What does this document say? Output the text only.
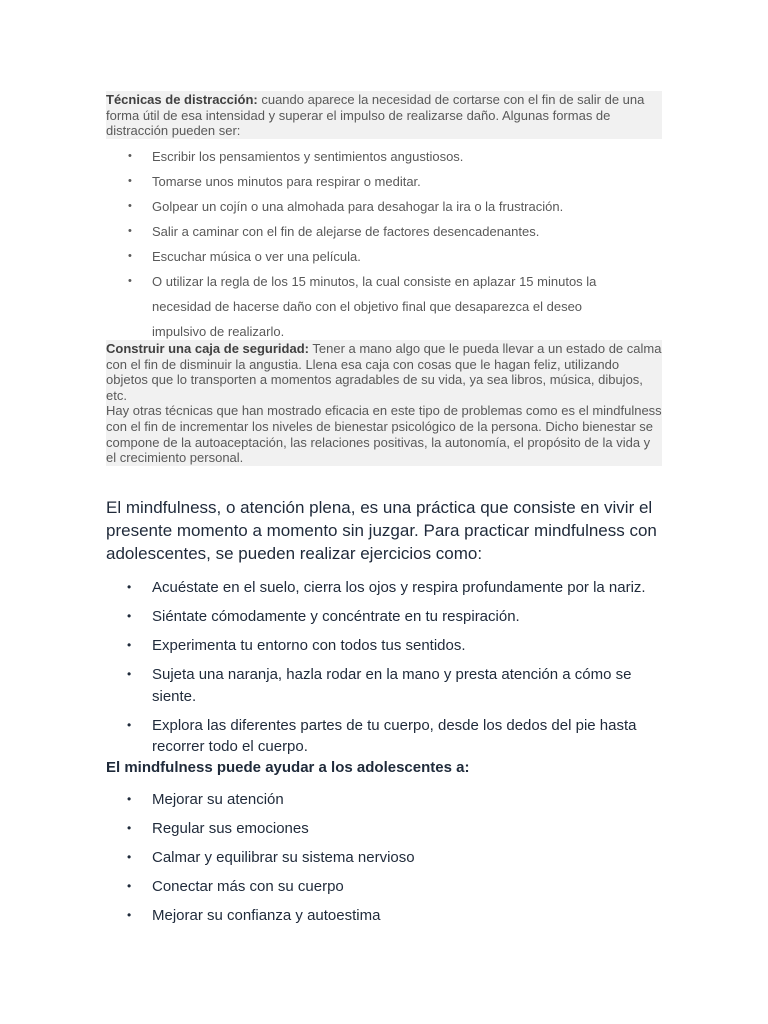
Técnicas de distracción: cuando aparece la necesidad de cortarse con el fin de salir de una forma útil de esa intensidad y superar el impulso de realizarse daño. Algunas formas de distracción pueden ser:

• Escribir los pensamientos y sentimientos angustiosos.
• Tomarse unos minutos para respirar o meditar.
• Golpear un cojín o una almohada para desahogar la ira o la frustración.
• Salir a caminar con el fin de alejarse de factores desencadenantes.
• Escuchar música o ver una película.
• O utilizar la regla de los 15 minutos, la cual consiste en aplazar 15 minutos la necesidad de hacerse daño con el objetivo final que desaparezca el deseo impulsivo de realizarlo.

Construir una caja de seguridad: Tener a mano algo que le pueda llevar a un estado de calma con el fin de disminuir la angustia. Llena esa caja con cosas que le hagan feliz, utilizando objetos que lo transporten a momentos agradables de su vida, ya sea libros, música, dibujos, etc.

Hay otras técnicas que han mostrado eficacia en este tipo de problemas como es el mindfulness con el fin de incrementar los niveles de bienestar psicológico de la persona. Dicho bienestar se compone de la autoaceptación, las relaciones positivas, la autonomía, el propósito de la vida y el crecimiento personal.

El mindfulness, o atención plena, es una práctica que consiste en vivir el presente momento a momento sin juzgar. Para practicar mindfulness con adolescentes, se pueden realizar ejercicios como:

• Acuéstate en el suelo, cierra los ojos y respira profundamente por la nariz.
• Siéntate cómodamente y concéntrate en tu respiración.
• Experimenta tu entorno con todos tus sentidos.
• Sujeta una naranja, hazla rodar en la mano y presta atención a cómo se siente.
• Explora las diferentes partes de tu cuerpo, desde los dedos del pie hasta recorrer todo el cuerpo.

El mindfulness puede ayudar a los adolescentes a:

• Mejorar su atención
• Regular sus emociones
• Calmar y equilibrar su sistema nervioso
• Conectar más con su cuerpo
• Mejorar su confianza y autoestima
